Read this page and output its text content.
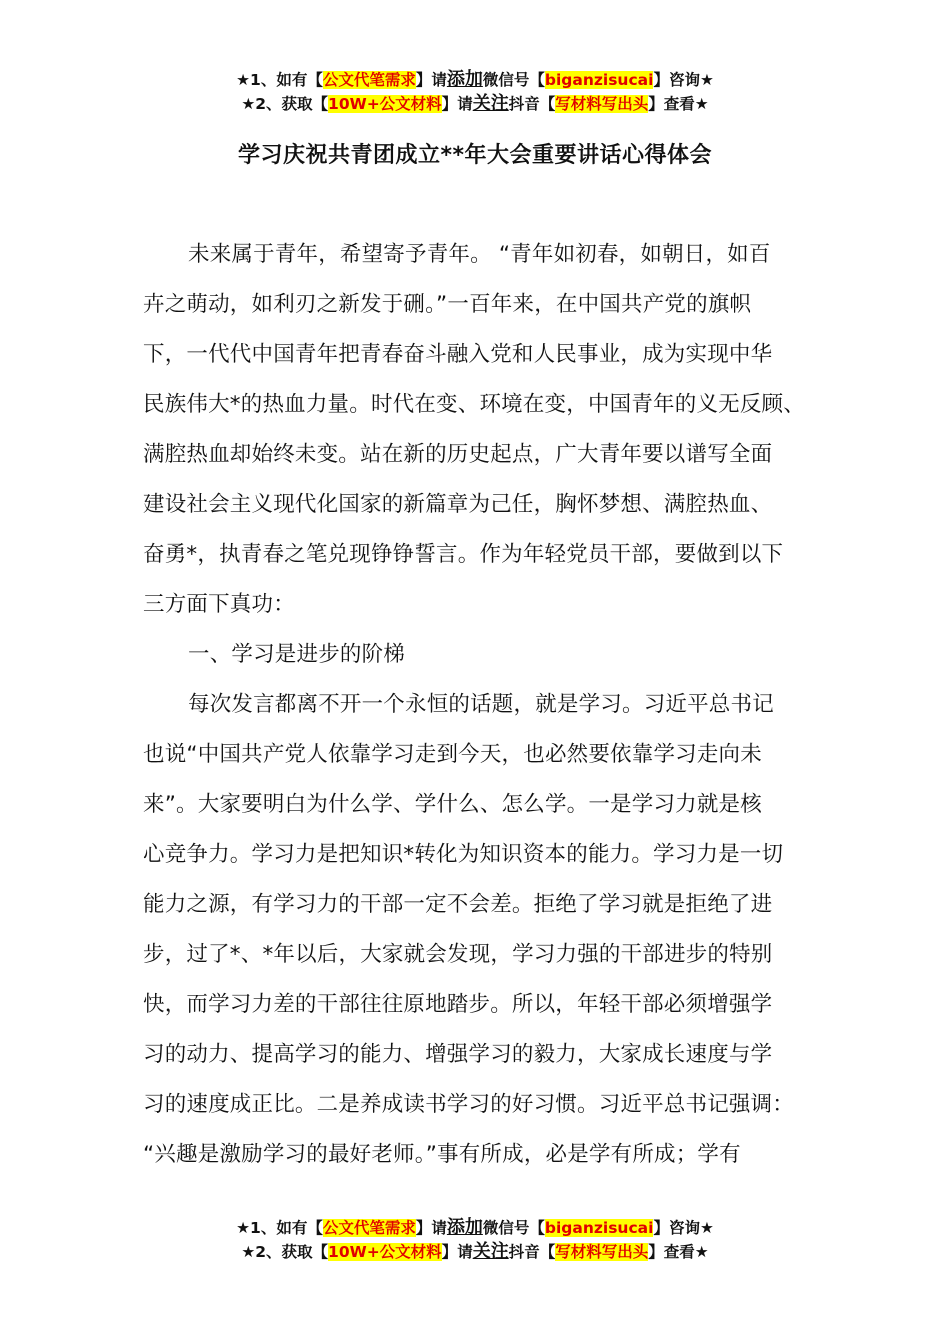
★1、如有【公文代笔需求】请添加微信号【biganzisucai】咨询★
★2、获取【10W+公文材料】请关注抖音【写材料写出头】查看★
学习庆祝共青团成立**年大会重要讲话心得体会
未来属于青年，希望寄予青年。 “青年如初春，如朝日，如百
卉之萌动，如利刃之新发于硎。”一百年来，在中国共产党的旗帜
下，一代代中国青年把青春奋斗融入党和人民事业，成为实现中华
民族伟大*的热血力量。时代在变、环境在变，中国青年的义无反顾、
满腔热血却始终未变。站在新的历史起点，广大青年要以谱写全面
建设社会主义现代化国家的新篇章为己任，胸怀梦想、满腔热血、
奋勇*，执青春之笔兑现铮铮誓言。作为年轻党员干部，要做到以下
三方面下真功：
一、学习是进步的阶梯
每次发言都离不开一个永恒的话题，就是学习。习近平总书记
也说“中国共产党人依靠学习走到今天，也必然要依靠学习走向未
来”。大家要明白为什么学、学什么、怎么学。一是学习力就是核
心竞争力。学习力是把知识*转化为知识资本的能力。学习力是一切
能力之源，有学习力的干部一定不会差。拒绝了学习就是拒绝了进
步，过了*、*年以后，大家就会发现，学习力强的干部进步的特别
快，而学习力差的干部往往原地踏步。所以，年轻干部必须增强学
习的动力、提高学习的能力、增强学习的毅力，大家成长速度与学
习的速度成正比。二是养成读书学习的好习惯。习近平总书记强调：
“兴趣是激励学习的最好老师。”事有所成，必是学有所成；学有
★1、如有【公文代笔需求】请添加微信号【biganzisucai】咨询★
★2、获取【10W+公文材料】请关注抖音【写材料写出头】查看★
